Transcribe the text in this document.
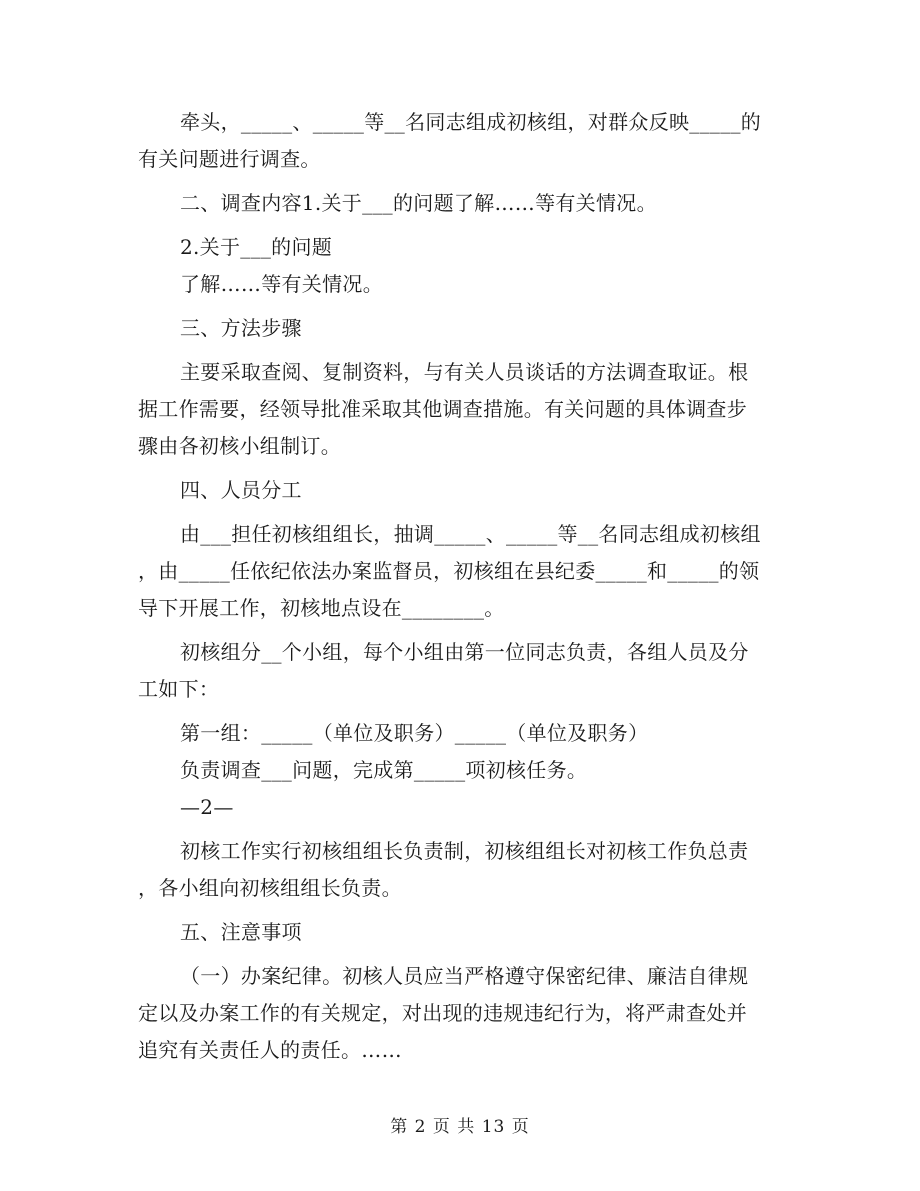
牵头，_____、_____等__名同志组成初核组，对群众反映_____的
有关问题进行调查。
二、调查内容1.关于___的问题了解……等有关情况。
2.关于___的问题
了解……等有关情况。
三、方法步骤
主要采取查阅、复制资料，与有关人员谈话的方法调查取证。根
据工作需要，经领导批准采取其他调查措施。有关问题的具体调查步
骤由各初核小组制订。
四、人员分工
由___担任初核组组长，抽调_____、_____等__名同志组成初核组
，由_____任依纪依法办案监督员，初核组在县纪委_____和_____的领
导下开展工作，初核地点设在________。
初核组分__个小组，每个小组由第一位同志负责，各组人员及分
工如下：
第一组：_____（单位及职务）_____（单位及职务）
负责调查___问题，完成第_____项初核任务。
—2—
初核工作实行初核组组长负责制，初核组组长对初核工作负总责
，各小组向初核组组长负责。
五、注意事项
（一）办案纪律。初核人员应当严格遵守保密纪律、廉洁自律规
定以及办案工作的有关规定，对出现的违规违纪行为，将严肃查处并
追究有关责任人的责任。……
第 2 页 共 13 页
